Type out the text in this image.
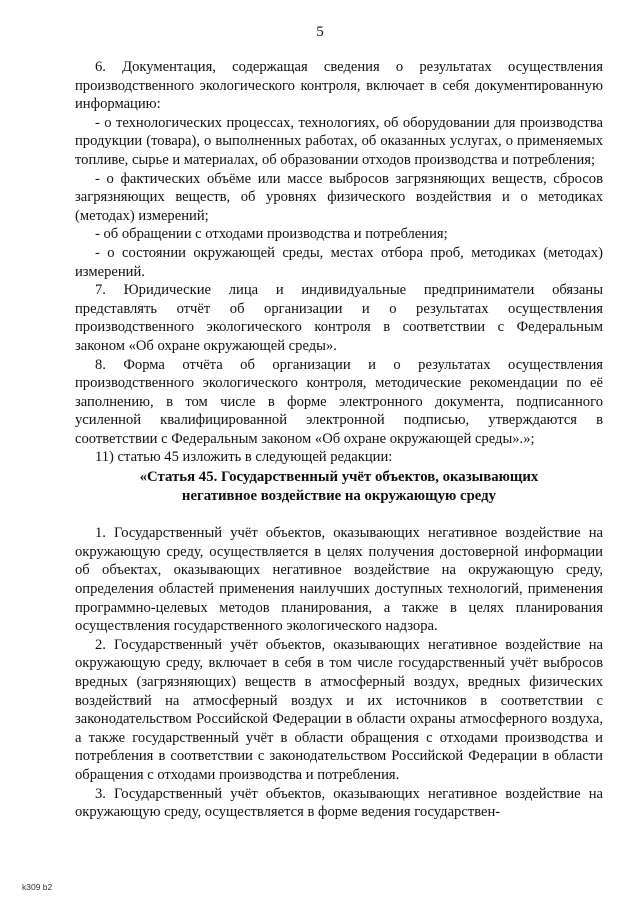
5

6. Документация, содержащая сведения о результатах осуществления производственного экологического контроля, включает в себя документированную информацию:

- о технологических процессах, технологиях, об оборудовании для производства продукции (товара), о выполненных работах, об оказанных услугах, о применяемых топливе, сырье и материалах, об образовании отходов производства и потребления;

- о фактических объёме или массе выбросов загрязняющих веществ, сбросов загрязняющих веществ, об уровнях физического воздействия и о методиках (методах) измерений;

- об обращении с отходами производства и потребления;

- о состоянии окружающей среды, местах отбора проб, методиках (методах) измерений.

7. Юридические лица и индивидуальные предприниматели обязаны представлять отчёт об организации и о результатах осуществления производственного экологического контроля в соответствии с Федеральным законом «Об охране окружающей среды».

8. Форма отчёта об организации и о результатах осуществления производственного экологического контроля, методические рекомендации по её заполнению, в том числе в форме электронного документа, подписанного усиленной квалифицированной электронной подписью, утверждаются в соответствии с Федеральным законом «Об охране окружающей среды».»;

11) статью 45 изложить в следующей редакции:

«Статья 45. Государственный учёт объектов, оказывающих
негативное воздействие на окружающую среду

1. Государственный учёт объектов, оказывающих негативное воздействие на окружающую среду, осуществляется в целях получения достоверной информации об объектах, оказывающих негативное воздействие на окружающую среду, определения областей применения наилучших доступных технологий, применения программно-целевых методов планирования, а также в целях планирования осуществления государственного экологического надзора.

2. Государственный учёт объектов, оказывающих негативное воздействие на окружающую среду, включает в себя в том числе государственный учёт выбросов вредных (загрязняющих) веществ в атмосферный воздух, вредных физических воздействий на атмосферный воздух и их источников в соответствии с законодательством Российской Федерации в области охраны атмосферного воздуха, а также государственный учёт в области обращения с отходами производства и потребления в соответствии с законодательством Российской Федерации в области обращения с отходами производства и потребления.

3. Государственный учёт объектов, оказывающих негативное воздействие на окружающую среду, осуществляется в форме ведения государствен-

k309 b2
